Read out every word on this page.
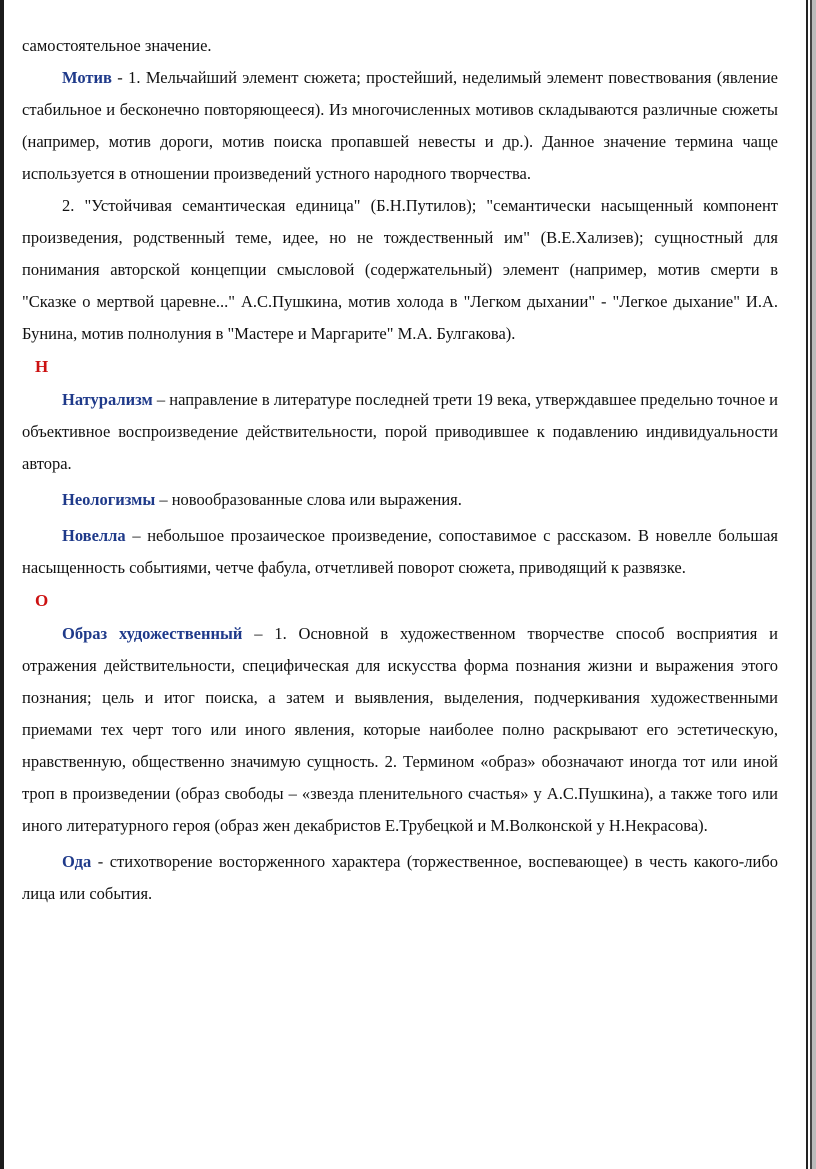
самостоятельное значение.

Мотив - 1. Мельчайший элемент сюжета; простейший, неделимый элемент повествования (явление стабильное и бесконечно повторяющееся). Из многочисленных мотивов складываются различные сюжеты (например, мотив дороги, мотив поиска пропавшей невесты и др.). Данное значение термина чаще используется в отношении произведений устного народного творчества.

2. "Устойчивая семантическая единица" (Б.Н.Путилов); "семантически насыщенный компонент произведения, родственный теме, идее, но не тождественный им" (В.Е.Хализев); сущностный для понимания авторской концепции смысловой (содержательный) элемент (например, мотив смерти в "Сказке о мертвой царевне..." А.С.Пушкина, мотив холода в "Легком дыхании" - "Легкое дыхание" И.А. Бунина, мотив полнолуния в "Мастере и Маргарите" М.А. Булгакова).

Н

Натурализм – направление в литературе последней трети 19 века, утверждавшее предельно точное и объективное воспроизведение действительности, порой приводившее к подавлению индивидуальности автора.

Неологизмы – новообразованные слова или выражения.

Новелла – небольшое прозаическое произведение, сопоставимое с рассказом. В новелле большая насыщенность событиями, четче фабула, отчетливей поворот сюжета, приводящий к развязке.

О

Образ художественный – 1. Основной в художественном творчестве способ восприятия и отражения действительности, специфическая для искусства форма познания жизни и выражения этого познания; цель и итог поиска, а затем и выявления, выделения, подчеркивания художественными приемами тех черт того или иного явления, которые наиболее полно раскрывают его эстетическую, нравственную, общественно значимую сущность. 2. Термином «образ» обозначают иногда тот или иной троп в произведении (образ свободы – «звезда пленительного счастья» у А.С.Пушкина), а также того или иного литературного героя (образ жен декабристов Е.Трубецкой и М.Волконской у Н.Некрасова).

Ода - стихотворение восторженного характера (торжественное, воспевающее) в честь какого-либо лица или события.
